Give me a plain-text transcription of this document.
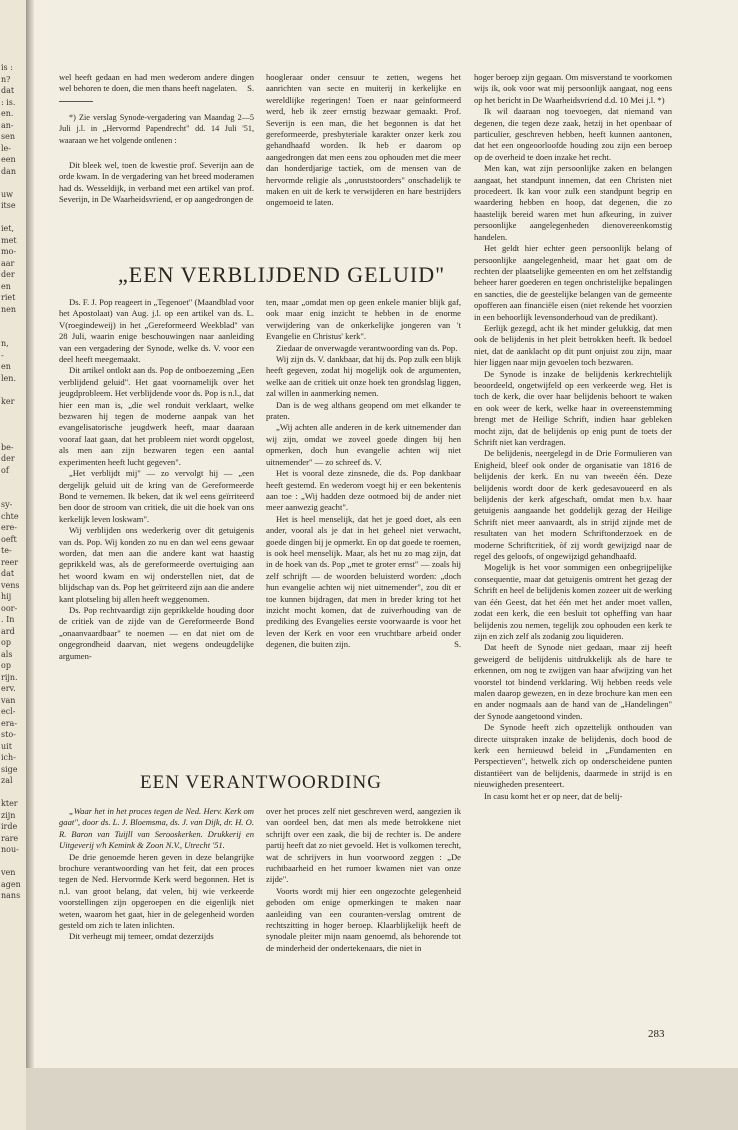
is :
n?
dat
: is.
en.
an-
sen
le-
een
dan

uw
itse

iet,
met
mo-
aar
der
en
riet
nen

n,
-
en
len.

ker

be-
der
of

sy-
chte
ere-
oeft
te-
reer
dat
vens
hij
oor-
. In
ard
op
als
op
rijn.
erv.
van
ecl-
era-
sto-
uit
ich-
sige
zal

kter
zijn
irde
rare
nou-

ven
agen
nans

wel heeft gedaan en had men wederom andere dingen wel behoren te doen, die men thans heeft nagelaten.	S.

*) Zie verslag Synode-vergadering van Maandag 2—5 Juli j.l. in „Hervormd Papendrecht" dd. 14 Juli '51, waaraan we het volgende ontlenen :

Dit bleek wel, toen de kwestie prof. Severijn aan de orde kwam. In de vergadering van het breed moderamen had ds. Wesseldijk, in verband met een artikel van prof. Severijn, in De Waarheidsvriend, er op aangedrongen de

hoogleraar onder censuur te zetten, wegens het aanrichten van secte en muiterij in kerkelijke en wereldlijke regeringen! Toen er naar geïnformeerd werd, heb ik zeer ernstig bezwaar gemaakt. Prof. Severijn is een man, die het begonnen is dat het gereformeerde, presbyteriale karakter onzer kerk zou gehandhaafd worden. Ik heb er daarom op aangedrongen dat men eens zou ophouden met die meer dan honderdjarige tactiek, om de mensen van de hervormde religie als „onruststoorders" onschadelijk te maken en uit de kerk te verwijderen en hare bestrijders ongemoeid te laten.

„EEN VERBLIJDEND GELUID"

Ds. F. J. Pop reageert in „Tegenoet" (Maandblad voor het Apostolaat) van Aug. j.l. op een artikel van ds. L. V(roegindeweij) in het „Gereformeerd Weekblad" van 28 Juli, waarin enige beschouwingen naar aanleiding van een vergadering der Synode, welke ds. V. voor een deel heeft meegemaakt.

Dit artikel ontlokt aan ds. Pop de ontboezeming „Een verblijdend geluid". Het gaat voornamelijk over het jeugdprobleem. Het verblijdende voor ds. Pop is n.l., dat hier een man is, „die wel ronduit verklaart, welke bezwaren hij tegen de moderne aanpak van het evangelisatorische jeugdwerk heeft, maar daaraan vooraf laat gaan, dat het probleem niet wordt opgelost, als men aan zijn bezwaren tegen een aantal experimenten heeft lucht gegeven".

„Het verblijdt mij" — zo vervolgt hij — „een dergelijk geluid uit de kring van de Gereformeerde Bond te vernemen. Ik beken, dat ik wel eens geïrriteerd ben door de stroom van critiek, die uit die hoek van ons kerkelijk leven loskwam".

Wij verblijden ons wederkerig over dit getuigenis van ds. Pop. Wij konden zo nu en dan wel eens gewaar worden, dat men aan die andere kant wat haastig geprikkeld was, als de gereformeerde overtuiging aan het woord kwam en wij onderstellen niet, dat de blijdschap van ds. Pop het geïrriteerd zijn aan die andere kant plotseling bij allen heeft weggenomen.

Ds. Pop rechtvaardigt zijn geprikkelde houding door de critiek van de zijde van de Gereformeerde Bond „onaanvaardbaar" te noemen — en dat niet om de ongegrondheid daarvan, niet wegens ondeugdelijke argumen-

ten, maar „omdat men op geen enkele manier blijk gaf, ook maar enig inzicht te hebben in de enorme verwijdering van de onkerkelijke jongeren van 't Evangelie en Christus' kerk".

Ziedaar de onverwagde verantwoording van ds. Pop.

Wij zijn ds. V. dankbaar, dat hij ds. Pop zulk een blijk heeft gegeven, zodat hij mogelijk ook de argumenten, welke aan de critiek uit onze hoek ten grondslag liggen, zal willen in aanmerking nemen.

Dan is de weg althans geopend om met elkander te praten.

„Wij achten alle anderen in de kerk uitnemender dan wij zijn, omdat we zoveel goede dingen bij hen opmerken, doch hun evangelie achten wij niet uitnemender" — zo schreef ds. V.

Het is vooral deze zinsnede, die ds. Pop dankbaar heeft gestemd. En wederom voegt hij er een bekentenis aan toe : „Wij hadden deze ootmoed bij de ander niet meer aanwezig geacht".

Het is heel menselijk, dat het je goed doet, als een ander, vooral als je dat in het geheel niet verwacht, goede dingen bij je opmerkt. En op dat goede te roemen, is ook heel menselijk. Maar, als het nu zo mag zijn, dat in de hoek van ds. Pop „met te groter ernst" — zoals hij zelf schrijft — de woorden beluisterd worden: „doch hun evangelie achten wij niet uitnemender", zou dit er toe kunnen bijdragen, dat men in breder kring tot het inzicht mocht komen, dat de zuiverhouding van de prediking des Evangelies eerste voorwaarde is voor het leven der Kerk en voor een vruchtbare arbeid onder degenen, die buiten zijn.	S.

EEN VERANTWOORDING

„Waar het in het proces tegen de Ned. Herv. Kerk om gaat", door ds. L. J. Bloemsma, ds. J. van Dijk, dr. H. O. R. Baron van Tuijll van Serooskerken. Drukkerij en Uitgeverij v/h Kemink & Zoon N.V., Utrecht '51.

De drie genoemde heren geven in deze belangrijke brochure verantwoording van het feit, dat een proces tegen de Ned. Hervormde Kerk werd begonnen. Het is n.l. van groot belang, dat velen, bij wie verkeerde voorstellingen zijn opgeroepen en die eigenlijk niet weten, waarom het gaat, hier in de gelegenheid worden gesteld om zich te laten inlichten.

Dit verheugt mij temeer, omdat dezerzijds

over het proces zelf niet geschreven werd, aangezien ik van oordeel ben, dat men als mede betrokkene niet schrijft over een zaak, die bij de rechter is. De andere partij heeft dat zo niet gevoeld. Het is volkomen terecht, wat de schrijvers in hun voorwoord zeggen : „De ruchtbaarheid en het rumoer kwamen niet van onze zijde".

Voorts wordt mij hier een ongezochte gelegenheid geboden om enige opmerkingen te maken naar aanleiding van een couranten-verslag omtrent de rechtszitting in hoger beroep. Klaarblijkelijk heeft de synodale pleiter mijn naam genoemd, als behorende tot de minderheid der ondertekenaars, die niet in

hoger beroep zijn gegaan. Om misverstand te voorkomen wijs ik, ook voor wat mij persoonlijk aangaat, nog eens op het bericht in De Waarheidsvriend d.d. 10 Mei j.l. *)

Ik wil daaraan nog toevoegen, dat niemand van degenen, die tegen deze zaak, hetzij in het openbaar of particulier, geschreven hebben, heeft kunnen aantonen, dat het een ongeoorloofde houding zou zijn een beroep op de overheid te doen inzake het recht.

Men kan, wat zijn persoonlijke zaken en belangen aangaat, het standpunt innemen, dat een Christen niet procedeert. Ik kan voor zulk een standpunt begrip en waardering hebben en hoop, dat degenen, die zo haastelijk bereid waren met hun afkeuring, in zuiver persoonlijke aangelegenheden dienovereenkomstig handelen.

Het geldt hier echter geen persoonlijk belang of persoonlijke aangelegenheid, maar het gaat om de rechten der plaatselijke gemeenten en om het zelfstandig beheer harer goederen en tegen onchristelijke bepalingen en sancties, die de geestelijke belangen van de gemeente opofferen aan financiële eisen (niet rekende het voorzien in een behoorlijk levensonderhoud van de predikant).

Eerlijk gezegd, acht ik het minder gelukkig, dat men ook de belijdenis in het pleit betrokken heeft. Ik bedoel niet, dat de aanklacht op dit punt onjuist zou zijn, maar hier liggen naar mijn gevoelen toch bezwaren.

De Synode is inzake de belijdenis kerkrechtelijk beoordeeld, ongetwijfeld op een verkeerde weg. Het is toch de kerk, die over haar belijdenis behoort te waken en ook weer de kerk, welke haar in overeenstemming brengt met de Heilige Schrift, indien haar gebleken mocht zijn, dat de belijdenis op enig punt de toets der Schrift niet kan verdragen.

De belijdenis, neergelegd in de Drie Formulieren van Enigheid, bleef ook onder de organisatie van 1816 de belijdenis der kerk. En nu van tweeën één. Deze belijdenis wordt door de kerk gedesavoueerd en als belijdenis der kerk afgeschaft, omdat men b.v. haar getuigenis aangaande het goddelijk gezag der Heilige Schrift niet meer aanvaardt, als in strijd zijnde met de resultaten van het modern Schriftonderzoek en de moderne Schriftcritiek, òf zij wordt gewijzigd naar de regel des geloofs, of ongewijzigd gehandhaafd.

Mogelijk is het voor sommigen een onbegrijpelijke consequentie, maar dat getuigenis omtrent het gezag der Schrift en heel de belijdenis komen zozeer uit de werking van één Geest, dat het één met het ander moet vallen, zodat een kerk, die een besluit tot opheffing van haar belijdenis zou nemen, tegelijk zou ophouden een kerk te zijn en zich zelf als zodanig zou liquideren.

Dat heeft de Synode niet gedaan, maar zij heeft geweigerd de belijdenis uitdrukkelijk als de hare te erkennen, om nog te zwijgen van haar afwijzing van het voorstel tot bindend verklaring. Wij hebben reeds vele malen daarop gewezen, en in deze brochure kan men een en ander nogmaals aan de hand van de „Handelingen" der Synode aangetoond vinden.

De Synode heeft zich opzettelijk onthouden van directe uitspraken inzake de belijdenis, doch bood de kerk een hernieuwd beleid in „Fundamenten en Perspectieven", hetwelk zich op onderscheidene punten distantiëert van de belijdenis, daarmede in strijd is en nieuwigheden presenteert.

In casu komt het er op neer, dat de belij-

283
